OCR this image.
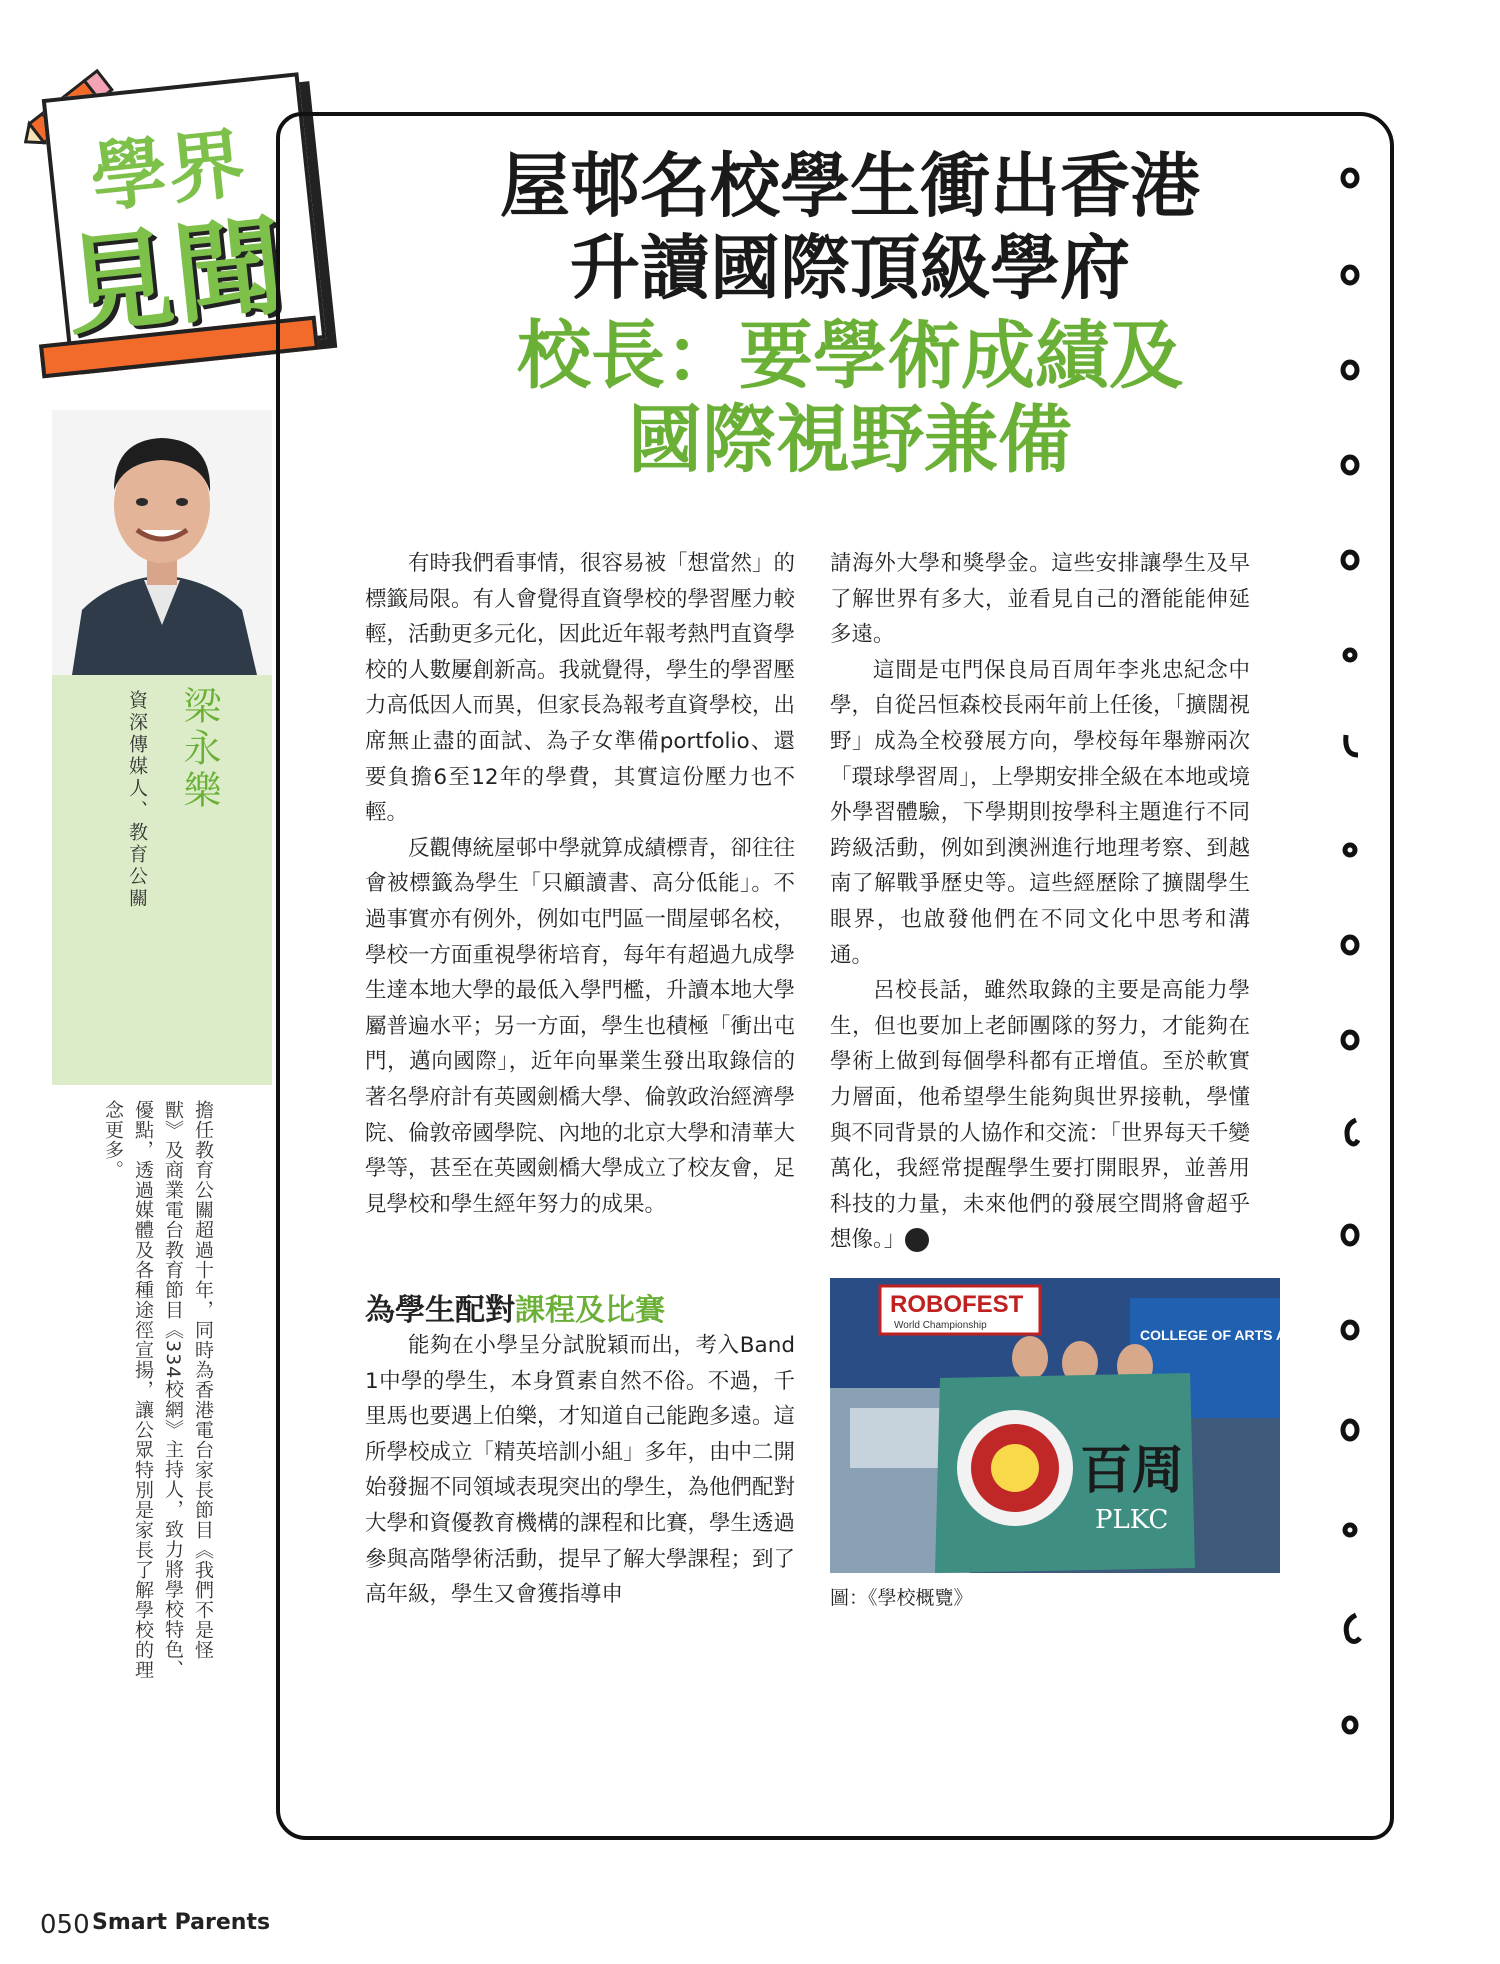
學界
見聞
梁永樂
資深傳媒人、教育公關
擔任教育公關超過十年，同時為香港電台家長節目《我們不是怪獸》及商業電台教育節目《334校網》主持人，致力將學校特色、優點，透過媒體及各種途徑宣揚，讓公眾特別是家長了解學校的理念更多。
屋邨名校學生衝出香港
升讀國際頂級學府
校長：要學術成績及
國際視野兼備

有時我們看事情，很容易被「想當然」的標籤局限。有人會覺得直資學校的學習壓力較輕，活動更多元化，因此近年報考熱門直資學校的人數屢創新高。我就覺得，學生的學習壓力高低因人而異，但家長為報考直資學校，出席無止盡的面試、為子女準備portfolio、還要負擔6至12年的學費，其實這份壓力也不輕。

反觀傳統屋邨中學就算成績標青，卻往往會被標籤為學生「只顧讀書、高分低能」。不過事實亦有例外，例如屯門區一間屋邨名校，學校一方面重視學術培育，每年有超過九成學生達本地大學的最低入學門檻，升讀本地大學屬普遍水平；另一方面，學生也積極「衝出屯門，邁向國際」，近年向畢業生發出取錄信的著名學府計有英國劍橋大學、倫敦政治經濟學院、倫敦帝國學院、內地的北京大學和清華大學等，甚至在英國劍橋大學成立了校友會，足見學校和學生經年努力的成果。

為學生配對課程及比賽

能夠在小學呈分試脫穎而出，考入Band 1中學的學生，本身質素自然不俗。不過，千里馬也要遇上伯樂，才知道自己能跑多遠。這所學校成立「精英培訓小組」多年，由中二開始發掘不同領域表現突出的學生，為他們配對大學和資優教育機構的課程和比賽，學生透過參與高階學術活動，提早了解大學課程；到了高年級，學生又會獲指導申

請海外大學和獎學金。這些安排讓學生及早了解世界有多大，並看見自己的潛能能伸延多遠。

這間是屯門保良局百周年李兆忠紀念中學，自從呂恒森校長兩年前上任後，「擴闊視野」成為全校發展方向，學校每年舉辦兩次「環球學習周」，上學期安排全級在本地或境外學習體驗，下學期則按學科主題進行不同跨級活動，例如到澳洲進行地理考察、到越南了解戰爭歷史等。這些經歷除了擴闊學生眼界，也啟發他們在不同文化中思考和溝通。

呂校長話，雖然取錄的主要是高能力學生，但也要加上老師團隊的努力，才能夠在學術上做到每個學科都有正增值。至於軟實力層面，他希望學生能夠與世界接軌，學懂與不同背景的人協作和交流：「世界每天千變萬化，我經常提醒學生要打開眼界，並善用科技的力量，未來他們的發展空間將會超乎想像。」	✎

ROBOFEST
World Championship
COLLEGE OF ARTS AND SCIENCES
百周
PLKC
圖：《學校概覽》
050 Smart Parents
